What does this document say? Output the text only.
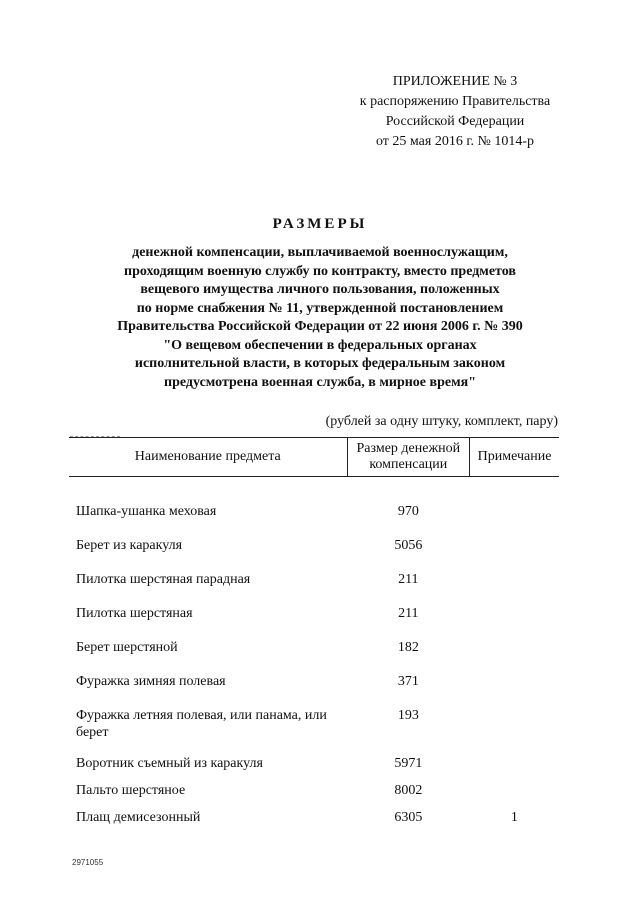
ПРИЛОЖЕНИЕ № 3
к распоряжению Правительства
Российской Федерации
от 25 мая 2016 г. № 1014-р
РАЗМЕРЫ
денежной компенсации, выплачиваемой военнослужащим,
проходящим военную службу по контракту, вместо предметов
вещевого имущества личного пользования, положенных
по норме снабжения № 11, утвержденной постановлением
Правительства Российской Федерации от 22 июня 2006 г. № 390
"О вещевом обеспечении в федеральных органах
исполнительной власти, в которых федеральным законом
предусмотрена военная служба, в мирное время"
(рублей за одну штуку, комплект, пару)
Наименование предмета	Размер денежной компенсации	Примечание

Шапка-ушанка меховая	970	
Берет из каракуля	5056	
Пилотка шерстяная парадная	211	
Пилотка шерстяная	211	
Берет шерстяной	182	
Фуражка зимняя полевая	371	
Фуражка летняя полевая, или панама, или берет	193	
Воротник съемный из каракуля	5971	
Пальто шерстяное	8002	
Плащ демисезонный	6305	1
2971055
